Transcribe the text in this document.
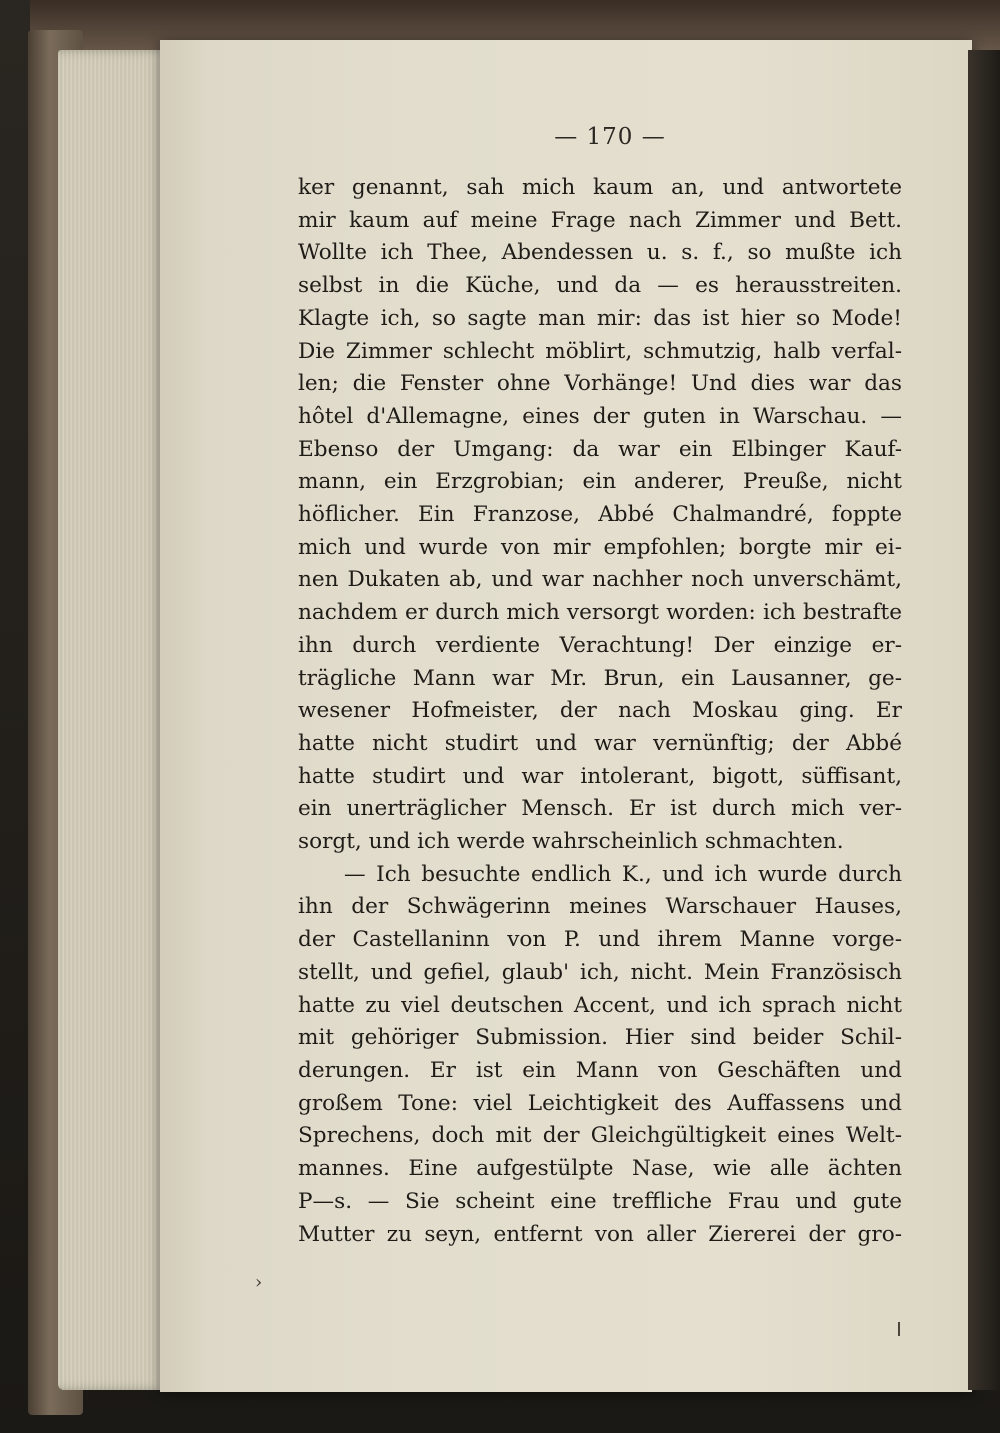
— 170 —
ker genannt, sah mich kaum an, und antwortete
mir kaum auf meine Frage nach Zimmer und Bett.
Wollte ich Thee, Abendessen u. s. f., so mußte ich
selbst in die Küche, und da — es herausstreiten.
Klagte ich, so sagte man mir: das ist hier so Mode!
Die Zimmer schlecht möblirt, schmutzig, halb verfal-
len; die Fenster ohne Vorhänge! Und dies war das
hôtel d'Allemagne, eines der guten in Warschau. —
Ebenso der Umgang: da war ein Elbinger Kauf-
mann, ein Erzgrobian; ein anderer, Preuße, nicht
höflicher. Ein Franzose, Abbé Chalmandré, foppte
mich und wurde von mir empfohlen; borgte mir ei-
nen Dukaten ab, und war nachher noch unverschämt,
nachdem er durch mich versorgt worden: ich bestrafte
ihn durch verdiente Verachtung! Der einzige er-
trägliche Mann war Mr. Brun, ein Lausanner, ge-
wesener Hofmeister, der nach Moskau ging. Er
hatte nicht studirt und war vernünftig; der Abbé
hatte studirt und war intolerant, bigott, süffisant,
ein unerträglicher Mensch. Er ist durch mich ver-
sorgt, und ich werde wahrscheinlich schmachten.
— Ich besuchte endlich K., und ich wurde durch
ihn der Schwägerinn meines Warschauer Hauses,
der Castellaninn von P. und ihrem Manne vorge-
stellt, und gefiel, glaub' ich, nicht. Mein Französisch
hatte zu viel deutschen Accent, und ich sprach nicht
mit gehöriger Submission. Hier sind beider Schil-
derungen. Er ist ein Mann von Geschäften und
großem Tone: viel Leichtigkeit des Auffassens und
Sprechens, doch mit der Gleichgültigkeit eines Welt-
mannes. Eine aufgestülpte Nase, wie alle ächten
P—s. — Sie scheint eine treffliche Frau und gute
Mutter zu seyn, entfernt von aller Ziererei der gro-
›
